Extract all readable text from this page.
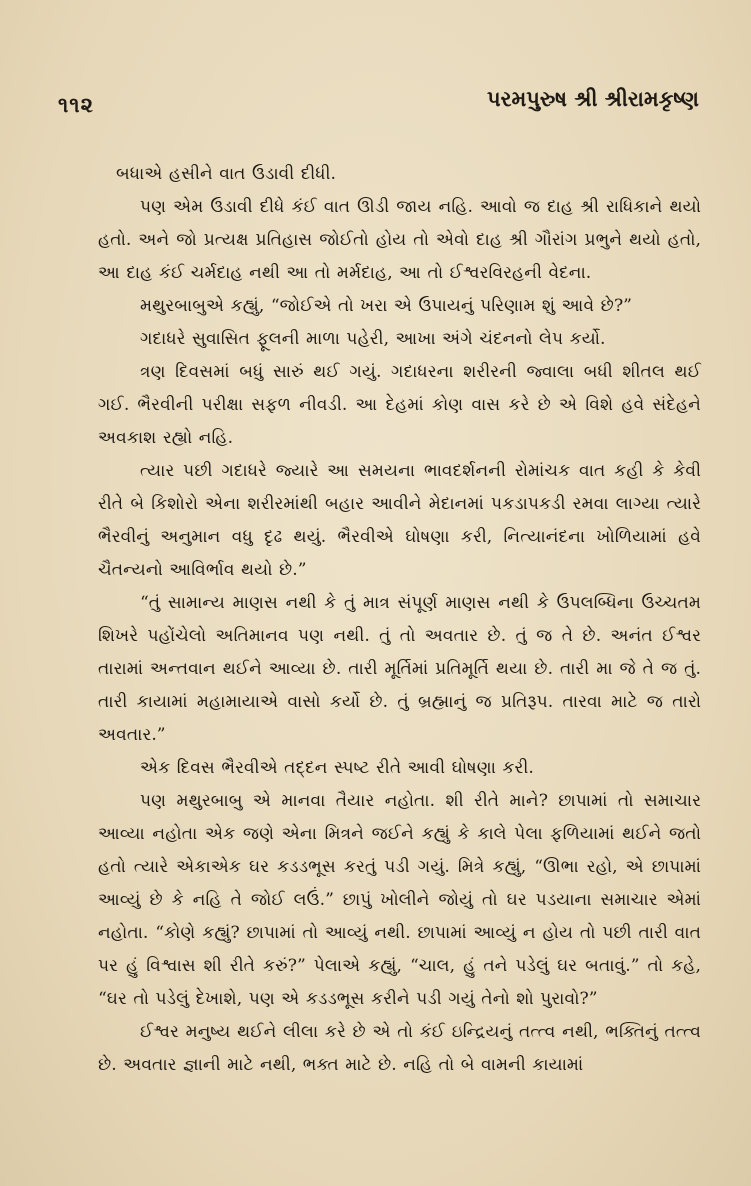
૧૧૨	પરમપુરુષ શ્રી શ્રીરામકૃષ્ણ

બધાએ હસીને વાત ઉડાવી દીધી.

પણ એમ ઉડાવી દીધે કંઈ વાત ઊડી જાય નહિ. આવો જ દાહ શ્રી રાધિકાને થયો હતો. અને જો પ્રત્યક્ષ પ્રતિહાસ જોઈતો હોય તો એવો દાહ શ્રી ગૌરાંગ પ્રભુને થયો હતો, આ દાહ કંઈ ચર્મદાહ નથી આ તો મર્મદાહ, આ તો ઈશ્વરવિરહની વેદના.

મથુરબાબુએ કહ્યું, “જોઈએ તો ખરા એ ઉપાયનું પરિણામ શું આવે છે?”

ગદાધરે સુવાસિત ફૂલની માળા પહેરી, આખા અંગે ચંદનનો લેપ કર્યો.

ત્રણ દિવસમાં બધું સારું થઈ ગયું. ગદાધરના શરીરની જ્વાલા બધી શીતલ થઈ ગઈ. ભૈરવીની પરીક્ષા સફળ નીવડી. આ દેહમાં કોણ વાસ કરે છે એ વિશે હવે સંદેહને અવકાશ રહ્યો નહિ.

ત્યાર પછી ગદાધરે જ્યારે આ સમયના ભાવદર્શનની રોમાંચક વાત કહી કે કેવી રીતે બે કિશોરો એના શરીરમાંથી બહાર આવીને મેદાનમાં પકડાપકડી રમવા લાગ્યા ત્યારે ભૈરવીનું અનુમાન વધુ દૃઢ થયું. ભૈરવીએ ઘોષણા કરી, નિત્યાનંદના ખોળિયામાં હવે ચૈતન્યનો આવિર્ભાવ થયો છે.”

“તું સામાન્ય માણસ નથી કે તું માત્ર સંપૂર્ણ માણસ નથી કે ઉપલબ્ધિના ઉચ્ચતમ શિખરે પહોંચેલો અતિમાનવ પણ નથી. તું તો અવતાર છે. તું જ તે છે. અનંત ઈશ્વર તારામાં અન્તવાન થઈને આવ્યા છે. તારી મૂર્તિમાં પ્રતિમૂર્તિ થયા છે. તારી મા જે તે જ તું. તારી કાયામાં મહામાયાએ વાસો કર્યો છે. તું બ્રહ્માનું જ પ્રતિરૂપ. તારવા માટે જ તારો અવતાર.”

એક દિવસ ભૈરવીએ તદ્દન સ્પષ્ટ રીતે આવી ઘોષણા કરી.

પણ મથુરબાબુ એ માનવા તૈયાર નહોતા. શી રીતે માને? છાપામાં તો સમાચાર આવ્યા નહોતા એક જણે એના મિત્રને જઈને કહ્યું કે કાલે પેલા ફળિયામાં થઈને જતો હતો ત્યારે એકાએક ઘર કડડભૂસ કરતું પડી ગયું. મિત્રે કહ્યું, “ઊભા રહો, એ છાપામાં આવ્યું છે કે નહિ તે જોઈ લઉં.” છાપું ખોલીને જોયું તો ઘર પડયાના સમાચાર એમાં નહોતા. “કોણે કહ્યું? છાપામાં તો આવ્યું નથી. છાપામાં આવ્યું ન હોય તો પછી તારી વાત પર હું વિશ્વાસ શી રીતે કરું?” પેલાએ કહ્યું, “ચાલ, હું તને પડેલું ઘર બતાવું.” તો કહે, “ઘર તો પડેલું દેખાશે, પણ એ કડડભૂસ કરીને પડી ગયું તેનો શો પુરાવો?”

ઈશ્વર મનુષ્ય થઈને લીલા કરે છે એ તો કંઈ ઇન્દ્રિયનું તત્ત્વ નથી, ભક્તિનું તત્ત્વ છે. અવતાર જ્ઞાની માટે નથી, ભક્ત માટે છે. નહિ તો બે વામની કાયામાં
